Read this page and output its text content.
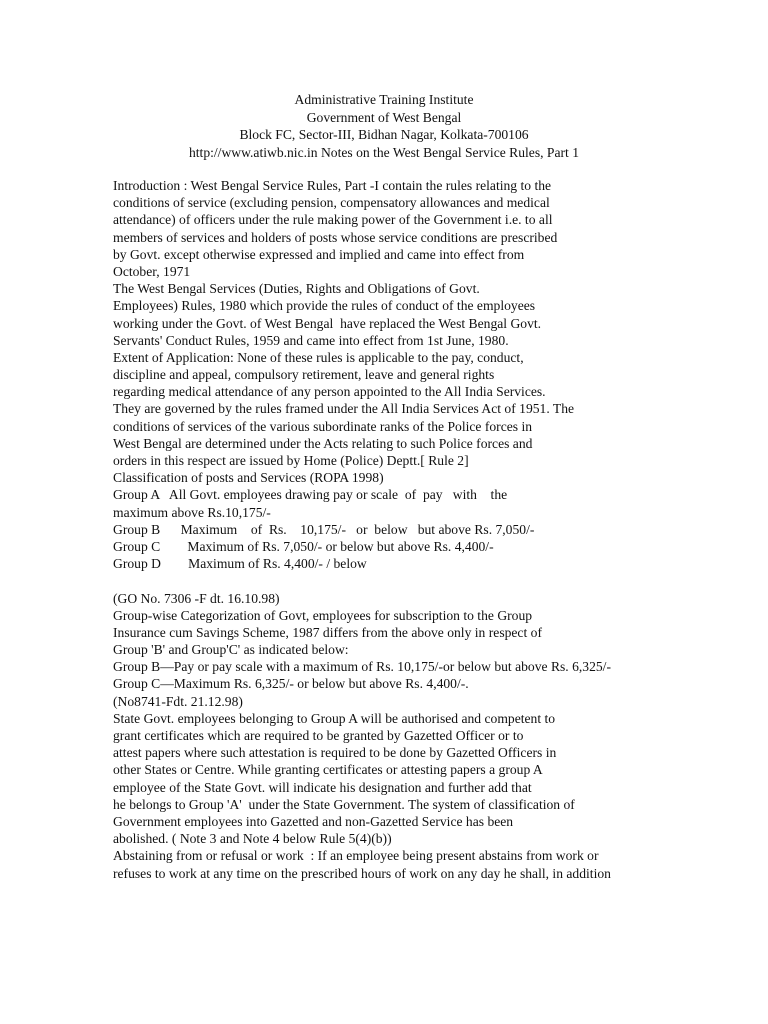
Administrative Training Institute
Government of West Bengal
Block FC, Sector-III, Bidhan Nagar, Kolkata-700106
http://www.atiwb.nic.in Notes on the West Bengal Service Rules, Part 1
Introduction : West Bengal Service Rules, Part -I contain the rules relating to the
conditions of service (excluding pension, compensatory allowances and medical
attendance) of officers under the rule making power of the Government i.e. to all
members of services and holders of posts whose service conditions are prescribed
by Govt. except otherwise expressed and implied and came into effect from
October, 1971
The West Bengal Services (Duties, Rights and Obligations of Govt.
Employees) Rules, 1980 which provide the rules of conduct of the employees
working under the Govt. of West Bengal  have replaced the West Bengal Govt.
Servants' Conduct Rules, 1959 and came into effect from 1st June, 1980.
Extent of Application: None of these rules is applicable to the pay, conduct,
discipline and appeal, compulsory retirement, leave and general rights
regarding medical attendance of any person appointed to the All India Services.
They are governed by the rules framed under the All India Services Act of 1951. The
conditions of services of the various subordinate ranks of the Police forces in
West Bengal are determined under the Acts relating to such Police forces and
orders in this respect are issued by Home (Police) Deptt.[ Rule 2]
Classification of posts and Services (ROPA 1998)
Group A   All Govt. employees drawing pay or scale  of  pay   with    the
maximum above Rs.10,175/-
Group B      Maximum    of  Rs.    10,175/-   or  below   but above Rs. 7,050/-
Group C        Maximum of Rs. 7,050/- or below but above Rs. 4,400/-
Group D        Maximum of Rs. 4,400/- / below
(GO No. 7306 -F dt. 16.10.98)
Group-wise Categorization of Govt, employees for subscription to the Group
Insurance cum Savings Scheme, 1987 differs from the above only in respect of
Group 'B' and Group'C' as indicated below:
Group B—Pay or pay scale with a maximum of Rs. 10,175/-or below but above Rs. 6,325/-
Group C—Maximum Rs. 6,325/- or below but above Rs. 4,400/-.
(No8741-Fdt. 21.12.98)
State Govt. employees belonging to Group A will be authorised and competent to
grant certificates which are required to be granted by Gazetted Officer or to
attest papers where such attestation is required to be done by Gazetted Officers in
other States or Centre. While granting certificates or attesting papers a group A
employee of the State Govt. will indicate his designation and further add that
he belongs to Group 'A'  under the State Government. The system of classification of
Government employees into Gazetted and non-Gazetted Service has been
abolished. ( Note 3 and Note 4 below Rule 5(4)(b))
Abstaining from or refusal or work  : If an employee being present abstains from work or
refuses to work at any time on the prescribed hours of work on any day he shall, in addition
